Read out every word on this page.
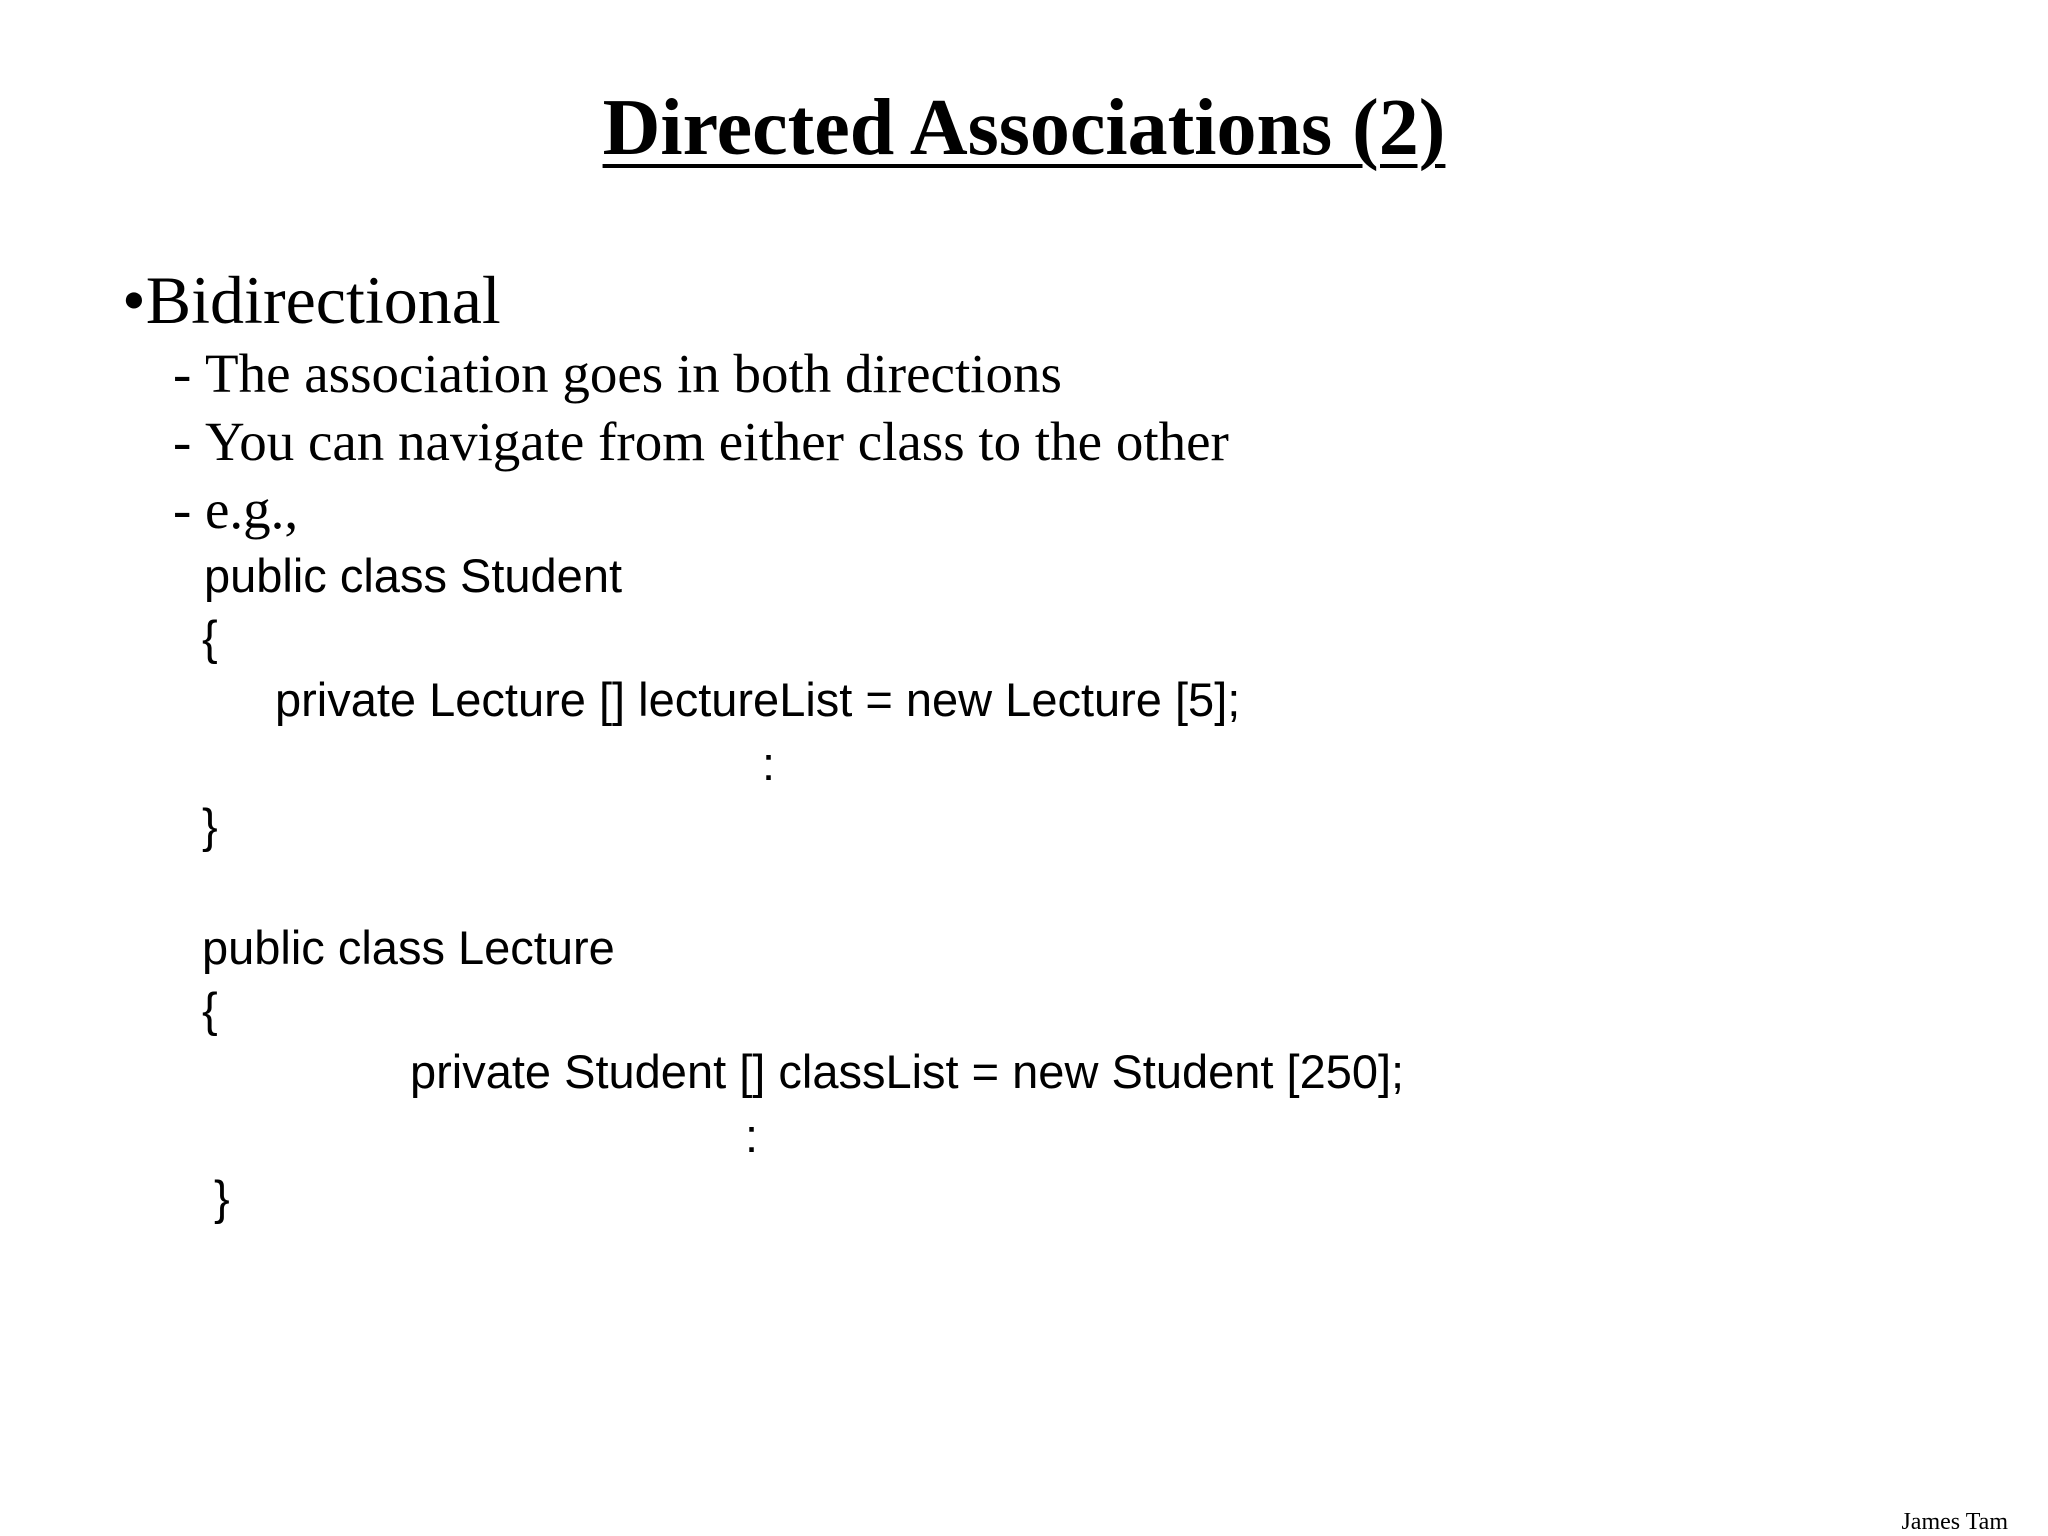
Directed Associations (2)
•Bidirectional
- The association goes in both directions
- You can navigate from either class to the other
- e.g.,
public class Student
{
private Lecture [] lectureList = new Lecture [5];
:
}
public class Lecture
{
private Student [] classList = new Student [250];
:
}
James Tam
